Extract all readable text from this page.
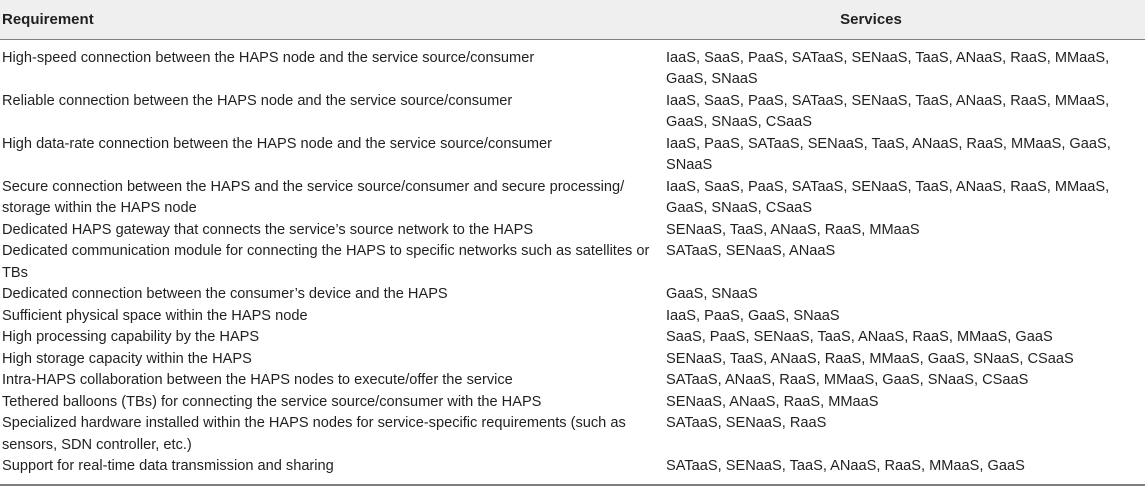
Requirement	Services
High-speed connection between the HAPS node and the service source/consumer	IaaS, SaaS, PaaS, SATaaS, SENaaS, TaaS, ANaaS, RaaS, MMaaS, GaaS, SNaaS
Reliable connection between the HAPS node and the service source/consumer	IaaS, SaaS, PaaS, SATaaS, SENaaS, TaaS, ANaaS, RaaS, MMaaS, GaaS, SNaaS, CSaaS
High data-rate connection between the HAPS node and the service source/consumer	IaaS, PaaS, SATaaS, SENaaS, TaaS, ANaaS, RaaS, MMaaS, GaaS, SNaaS
Secure connection between the HAPS and the service source/consumer and secure processing/ storage within the HAPS node	IaaS, SaaS, PaaS, SATaaS, SENaaS, TaaS, ANaaS, RaaS, MMaaS, GaaS, SNaaS, CSaaS
Dedicated HAPS gateway that connects the service’s source network to the HAPS	SENaaS, TaaS, ANaaS, RaaS, MMaaS
Dedicated communication module for connecting the HAPS to specific networks such as satellites or TBs	SATaaS, SENaaS, ANaaS
Dedicated connection between the consumer’s device and the HAPS	GaaS, SNaaS
Sufficient physical space within the HAPS node	IaaS, PaaS, GaaS, SNaaS
High processing capability by the HAPS	SaaS, PaaS, SENaaS, TaaS, ANaaS, RaaS, MMaaS, GaaS
High storage capacity within the HAPS	SENaaS, TaaS, ANaaS, RaaS, MMaaS, GaaS, SNaaS, CSaaS
Intra-HAPS collaboration between the HAPS nodes to execute/offer the service	SATaaS, ANaaS, RaaS, MMaaS, GaaS, SNaaS, CSaaS
Tethered balloons (TBs) for connecting the service source/consumer with the HAPS	SENaaS, ANaaS, RaaS, MMaaS
Specialized hardware installed within the HAPS nodes for service-specific requirements (such as sensors, SDN controller, etc.)	SATaaS, SENaaS, RaaS
Support for real-time data transmission and sharing	SATaaS, SENaaS, TaaS, ANaaS, RaaS, MMaaS, GaaS
